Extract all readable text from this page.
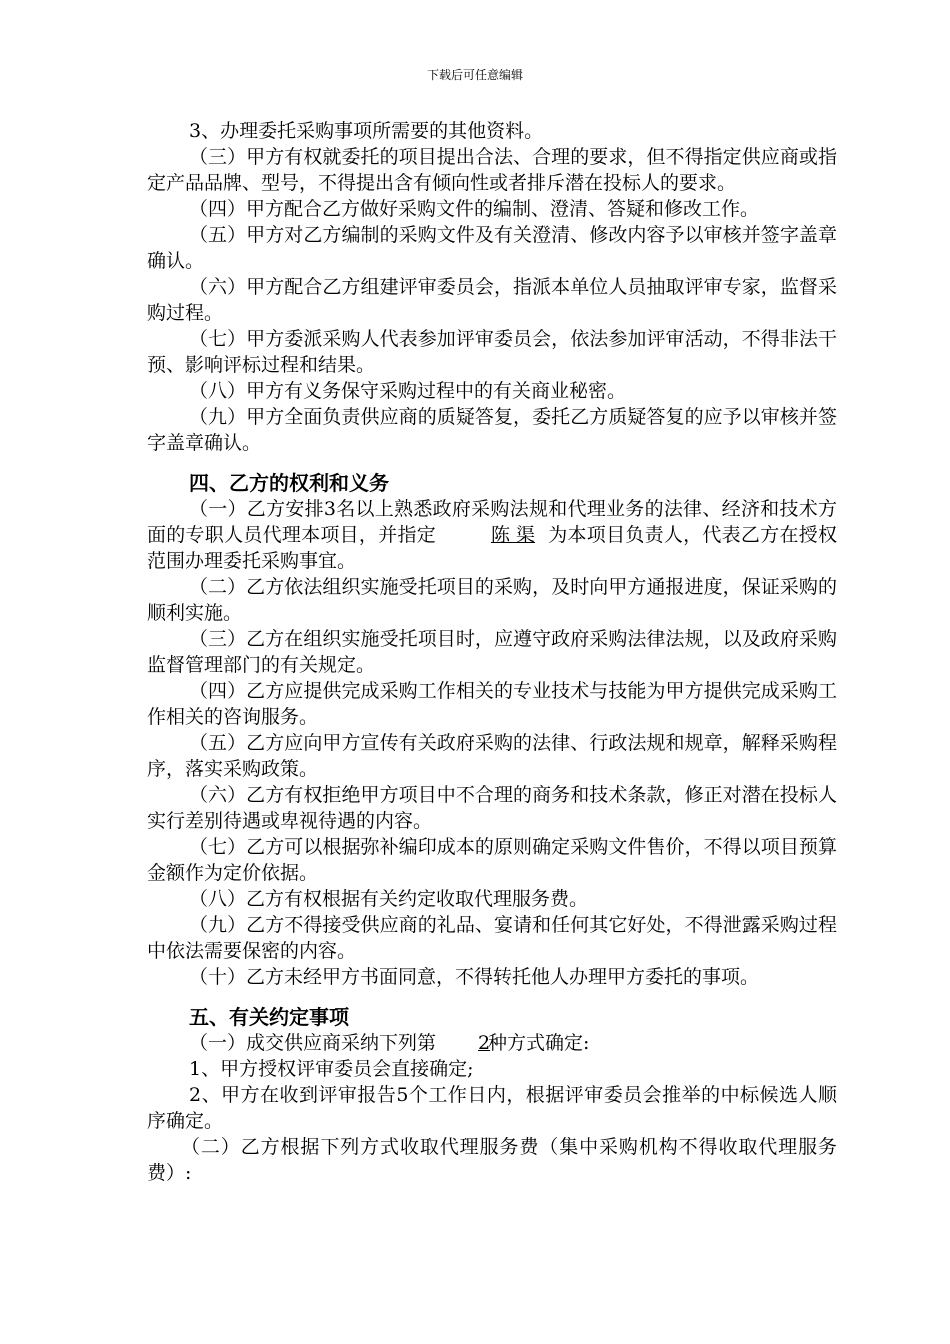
下载后可任意编辑

3、办理委托采购事项所需要的其他资料。

（三）甲方有权就委托的项目提出合法、合理的要求，但不得指定供应商或指定产品品牌、型号，不得提出含有倾向性或者排斥潜在投标人的要求。

（四）甲方配合乙方做好采购文件的编制、澄清、答疑和修改工作。

（五）甲方对乙方编制的采购文件及有关澄清、修改内容予以审核并签字盖章确认。

（六）甲方配合乙方组建评审委员会，指派本单位人员抽取评审专家，监督采购过程。

（七）甲方委派采购人代表参加评审委员会，依法参加评审活动，不得非法干预、影响评标过程和结果。

（八）甲方有义务保守采购过程中的有关商业秘密。

（九）甲方全面负责供应商的质疑答复，委托乙方质疑答复的应予以审核并签字盖章确认。

四、乙方的权利和义务

（一）乙方安排3名以上熟悉政府采购法规和代理业务的法律、经济和技术方面的专职人员代理本项目，并指定	陈 渠 为本项目负责人，代表乙方在授权范围办理委托采购事宜。

（二）乙方依法组织实施受托项目的采购，及时向甲方通报进度，保证采购的顺利实施。

（三）乙方在组织实施受托项目时，应遵守政府采购法律法规，以及政府采购监督管理部门的有关规定。

（四）乙方应提供完成采购工作相关的专业技术与技能为甲方提供完成采购工作相关的咨询服务。

（五）乙方应向甲方宣传有关政府采购的法律、行政法规和规章，解释采购程序，落实采购政策。

（六）乙方有权拒绝甲方项目中不合理的商务和技术条款，修正对潜在投标人实行差别待遇或卑视待遇的内容。

（七）乙方可以根据弥补编印成本的原则确定采购文件售价，不得以项目预算金额作为定价依据。

（八）乙方有权根据有关约定收取代理服务费。

（九）乙方不得接受供应商的礼品、宴请和任何其它好处，不得泄露采购过程中依法需要保密的内容。

（十）乙方未经甲方书面同意，不得转托他人办理甲方委托的事项。

五、有关约定事项

（一）成交供应商采纳下列第 2种方式确定:

1、甲方授权评审委员会直接确定;

2、甲方在收到评审报告5个工作日内，根据评审委员会推举的中标候选人顺序确定。

（二）乙方根据下列方式收取代理服务费（集中采购机构不得收取代理服务费）:
